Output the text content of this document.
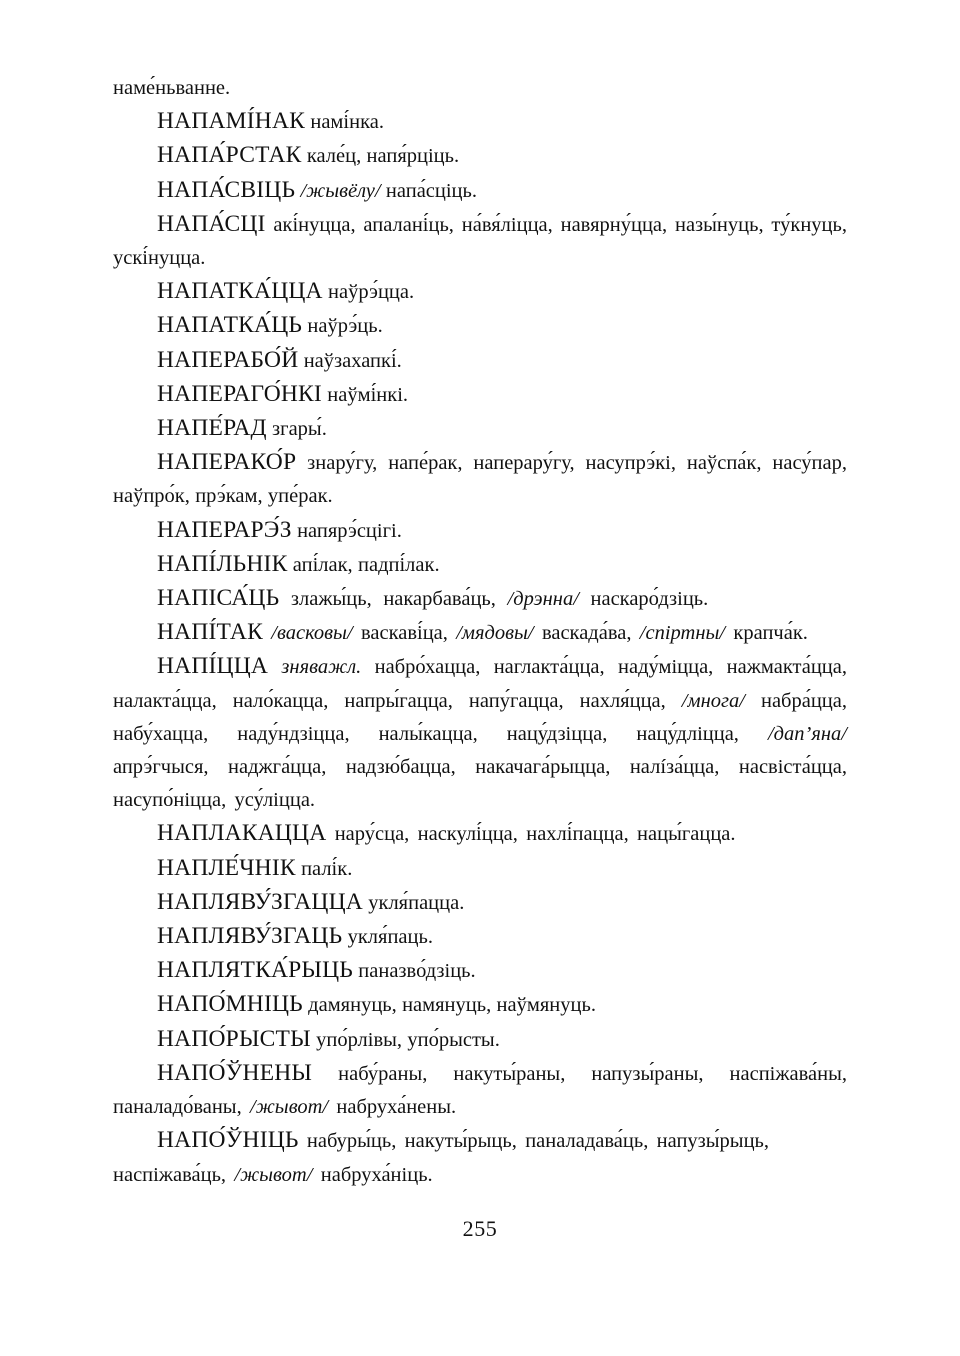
наме́ньванне.

НАПАМІ́НАК намі́нка.

НАПА́РСТАК кале́ц, напя́рціць.

НАПА́СВІЦЬ /жывёлу/ напа́сціць.

НАПА́СЦІ акі́нуцца, апалані́ць, на́вя́ліцца, навярну́цца, назы́нуць, ту́кнуць, ускі́нуцца.

НАПАТКА́ЦЦА наўрэ́цца.

НАПАТКА́ЦЬ наўрэ́ць.

НАПЕРАБО́Й наўзахапкі́.

НАПЕРАГО́НКІ наўмі́нкі.

НАПЕ́РАД згары́.

НАПЕРАКО́Р знару́гу, напе́рак, наперару́гу, насупрэ́кі, наўспа́к, насу́пар, наўпро́к, прэ́кам, упе́рак.

НАПЕРАРЭ́З напярэ́сцігі.

НАПІ́ЛЬНІК апі́лак, падпі́лак.

НАПІСА́ЦЬ злажы́ць, накарбава́ць, /дрэнна/ наскаро́дзіць.

НАПІ́ТАК /васковы/ васкаві́ца, /мядовы/ васкада́ва, /спіртны/ крапча́к.

НАПІ́ЦЦА зняважл. набро́хацца, наглакта́цца, наду́міцца, нажмакта́цца, налакта́цца, нало́кацца, напры́гацца, напу́гацца, нахля́цца, /многа/ набра́цца, набу́хацца, наду́ндзіцца, налы́кацца, нацу́дзіцца, нацу́дліцца, /дап’яна/ апрэ́гчыся, наджга́цца, надзю́бацца, накачага́рыцца, налíза́цца, насвіста́цца, насупо́ніцца, усу́ліцца.

НАПЛАКАЦЦА нару́сца, наскулі́цца, нахлі́пацца, нацы́гацца.

НАПЛЕ́ЧНІК палі́к.

НАПЛЯВУ́ЗГАЦЦА укля́пацца.

НАПЛЯВУ́ЗГАЦЬ укля́паць.

НАПЛЯТКА́РЫЦЬ паназво́дзіць.

НАПО́МНІЦЬ дамянуць, намянуць, наўмянуць.

НАПО́РЫСТЫ упо́рлівы, упо́рысты.

НАПО́ЎНЕНЫ набу́раны, накуты́раны, напузы́раны, наспіжава́ны, паналадо́ваны, /жывот/ набруха́нены.

НАПО́ЎНІЦЬ набуры́ць, накуты́рыць, паналадава́ць, напузы́рыць, наспіжава́ць, /жывот/ набруха́ніць.

255
